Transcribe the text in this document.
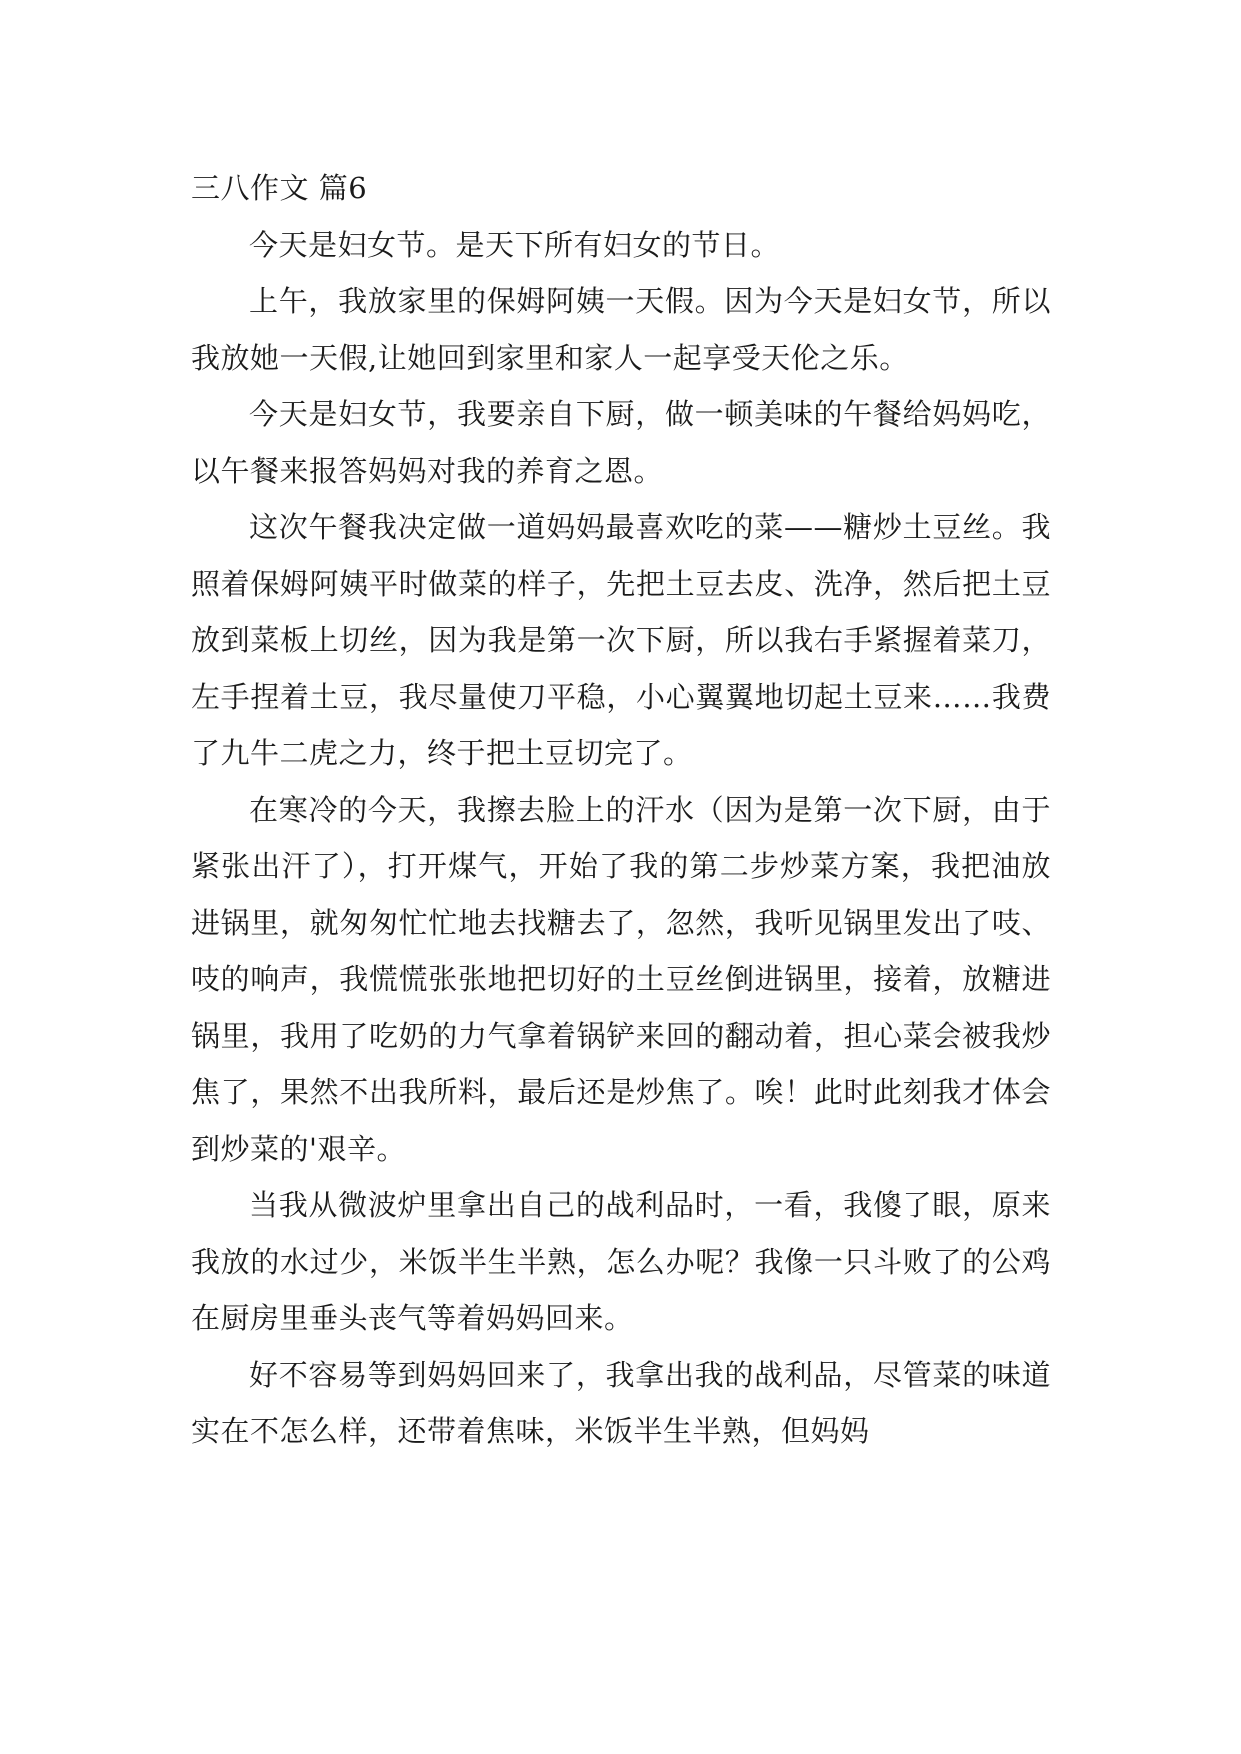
三八作文 篇6

今天是妇女节。是天下所有妇女的节日。

上午，我放家里的保姆阿姨一天假。因为今天是妇女节，所以我放她一天假,让她回到家里和家人一起享受天伦之乐。

今天是妇女节，我要亲自下厨，做一顿美味的午餐给妈妈吃，以午餐来报答妈妈对我的养育之恩。

这次午餐我决定做一道妈妈最喜欢吃的菜——糖炒土豆丝。我照着保姆阿姨平时做菜的样子，先把土豆去皮、洗净，然后把土豆放到菜板上切丝，因为我是第一次下厨，所以我右手紧握着菜刀，左手捏着土豆，我尽量使刀平稳，小心翼翼地切起土豆来……我费了九牛二虎之力，终于把土豆切完了。

在寒冷的今天，我擦去脸上的汗水（因为是第一次下厨，由于紧张出汗了），打开煤气，开始了我的第二步炒菜方案，我把油放进锅里，就匆匆忙忙地去找糖去了，忽然，我听见锅里发出了吱、吱的响声，我慌慌张张地把切好的土豆丝倒进锅里，接着，放糖进锅里，我用了吃奶的力气拿着锅铲来回的翻动着，担心菜会被我炒焦了，果然不出我所料，最后还是炒焦了。唉！此时此刻我才体会到炒菜的'艰辛。

当我从微波炉里拿出自己的战利品时，一看，我傻了眼，原来我放的水过少，米饭半生半熟，怎么办呢？我像一只斗败了的公鸡在厨房里垂头丧气等着妈妈回来。

好不容易等到妈妈回来了，我拿出我的战利品，尽管菜的味道实在不怎么样，还带着焦味，米饭半生半熟，但妈妈
